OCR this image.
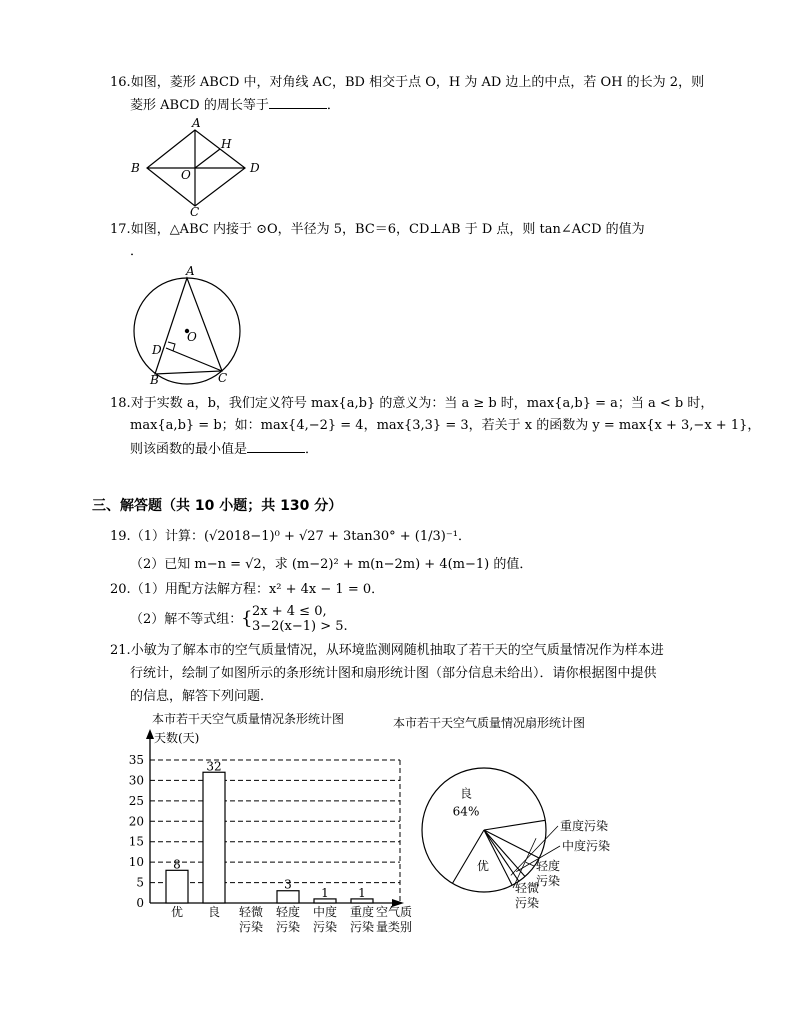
16.如图，菱形 ABCD 中，对角线 AC，BD 相交于点 O，H 为 AD 边上的中点，若 OH 的长为 2，则
菱形 ABCD 的周长等于	．
A
B
C
D
O
H
17.如图，△ABC 内接于 ⊙O，半径为 5，BC＝6，CD⊥AB 于 D 点，则 tan∠ACD 的值为
．
A
B	C
D
O
18.对于实数 a，b，我们定义符号 max{a,b} 的意义为：当 a ≥ b 时，max{a,b} = a；当 a < b 时，
max{a,b} = b；如：max{4,−2} = 4，max{3,3} = 3，若关于 x 的函数为 y = max{x + 3,−x + 1}，
则该函数的最小值是	．
三、解答题（共 10 小题；共 130 分）
19.（1）计算：(√2018−1)⁰ + √27 + 3tan30° + (1/3)⁻¹．
（2）已知 m−n = √2，求 (m−2)² + m(n−2m) + 4(m−1) 的值．
20.（1）用配方法解方程：x² + 4x − 1 = 0．
（2）解不等式组：
{ 2x + 4 ≤ 0,
3−2(x−1) > 5.
21.小敏为了解本市的空气质量情况，从环境监测网随机抽取了若干天的空气质量情况作为样本进
行统计，绘制了如图所示的条形统计图和扇形统计图（部分信息未给出）．请你根据图中提供
的信息，解答下列问题．
本市若干天空气质量情况条形统计图
0
5
10
15
20
25
30
35
天数(天)
空气质
量类别
8
优
32
良 轻微
污染
3
轻度
污染
1
中度
污染
1
重度
污染
本市若干天空气质量情况扇形统计图
良
64%
优
重度污染
中度污染
轻度
污染
轻微
污染
